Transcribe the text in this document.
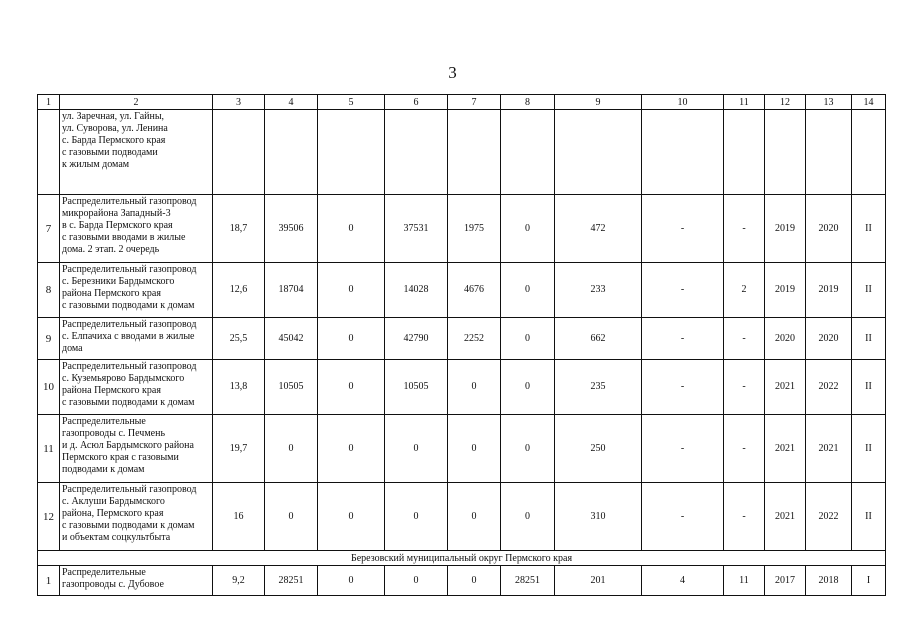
3
1	2	3	4	5	6	7	8	9	10	11	12	13	14
	ул. Заречная, ул. Гайны,
ул. Суворова, ул. Ленина
с. Барда Пермского края
с газовыми подводами
к жилым домам												
7	Распределительный газопровод
микрорайона Западный-3
в с. Барда Пермского края
с газовыми вводами в жилые
дома. 2 этап. 2 очередь	18,7	39506	0	37531	1975	0	472	-	-	2019	2020	II
8	Распределительный газопровод
с. Березники Бардымского
района Пермского края
с газовыми подводами к домам	12,6	18704	0	14028	4676	0	233	-	2	2019	2019	II
9	Распределительный газопровод
с. Елпачиха с вводами в жилые
дома	25,5	45042	0	42790	2252	0	662	-	-	2020	2020	II
10	Распределительный газопровод
с. Куземьярово Бардымского
района Пермского края
с газовыми подводами к домам	13,8	10505	0	10505	0	0	235	-	-	2021	2022	II
11	Распределительные
газопроводы с. Печмень
и д. Асюл Бардымского района
Пермского края с газовыми
подводами к домам	19,7	0	0	0	0	0	250	-	-	2021	2021	II
12	Распределительный газопровод
с. Аклуши Бардымского
района, Пермского края
с газовыми подводами к домам
и объектам соцкультбыта	16	0	0	0	0	0	310	-	-	2021	2022	II
Березовский муниципальный округ Пермского края													
1	Распределительные
газопроводы с. Дубовое	9,2	28251	0	0	0	28251	201	4	11	2017	2018	I
